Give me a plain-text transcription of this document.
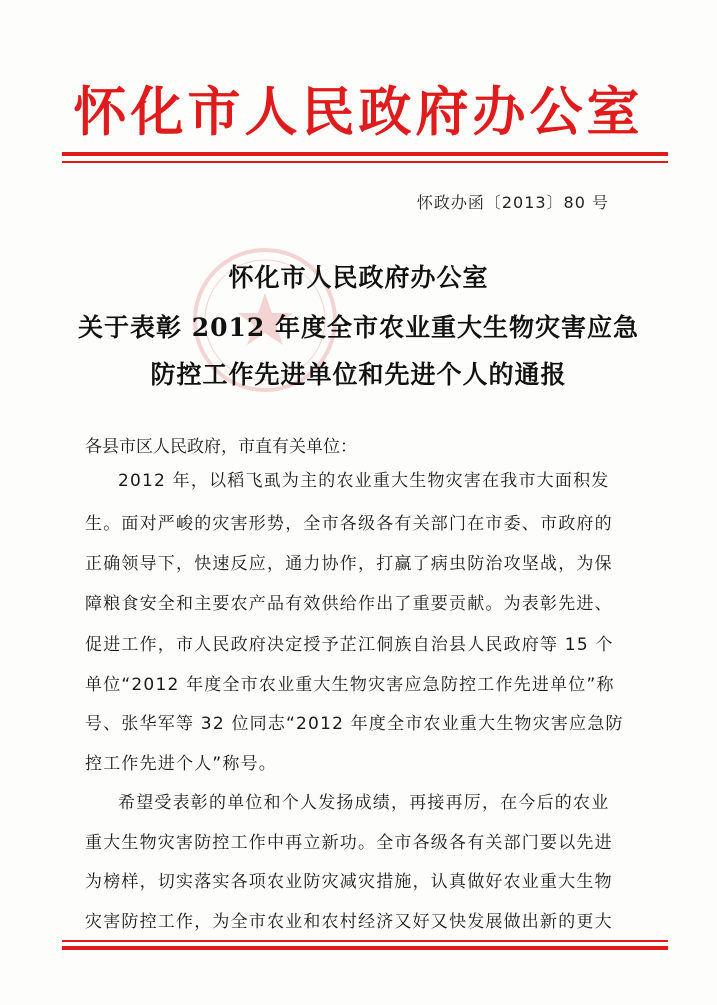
怀化市人民政府办公室
怀政办函〔2013〕80 号
怀化市人民政府办公室
关于表彰 2012 年度全市农业重大生物灾害应急
防控工作先进单位和先进个人的通报
各县市区人民政府，市直有关单位：
2012 年，以稻飞虱为主的农业重大生物灾害在我市大面积发
生。面对严峻的灾害形势，全市各级各有关部门在市委、市政府的
正确领导下，快速反应，通力协作，打赢了病虫防治攻坚战，为保
障粮食安全和主要农产品有效供给作出了重要贡献。为表彰先进、
促进工作，市人民政府决定授予芷江侗族自治县人民政府等 15 个
单位“2012 年度全市农业重大生物灾害应急防控工作先进单位”称
号、张华军等 32 位同志“2012 年度全市农业重大生物灾害应急防
控工作先进个人”称号。
希望受表彰的单位和个人发扬成绩，再接再厉，在今后的农业
重大生物灾害防控工作中再立新功。全市各级各有关部门要以先进
为榜样，切实落实各项农业防灾减灾措施，认真做好农业重大生物
灾害防控工作，为全市农业和农村经济又好又快发展做出新的更大
